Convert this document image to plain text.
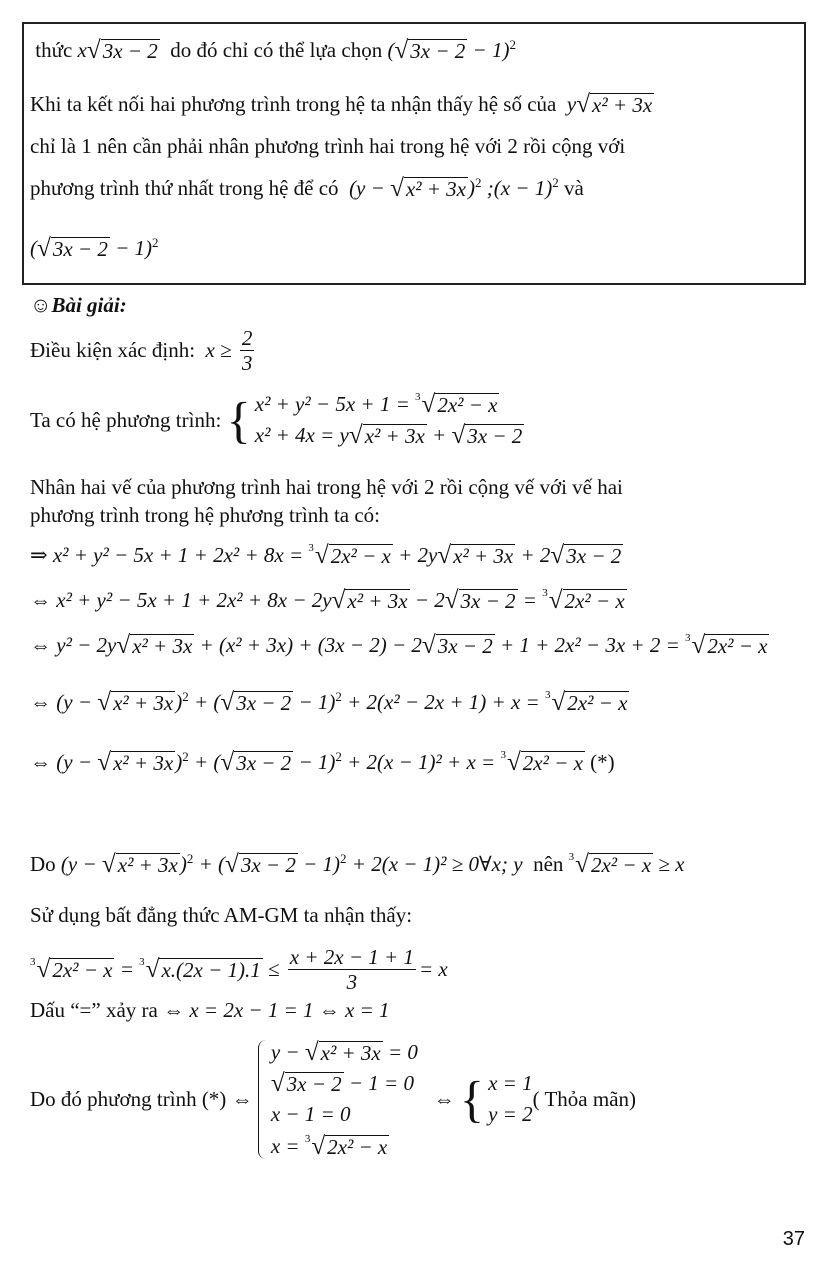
☺Bài giải:
37
thức x √ 3x − 2 do đó chỉ có thể lựa chọn ( √ 3x − 2 − 1) 2
Khi ta kết nối hai phương trình trong hệ ta nhận thấy hệ số của y √ x² + 3x
chỉ là 1 nên cần phải nhân phương trình hai trong hệ với 2 rồi cộng với
phương trình thứ nhất trong hệ để có (y − √ x² + 3x ) 2 ;(x − 1) 2 và
( √ 3x − 2 − 1) 2
Điều kiện xác định: $x \ge \frac{2}{3}$
Ta có hệ phương trình: { x² + y² − 5x + 1 = 3 √ 2x² − x
x² + 4x = y √ x² + 3x + √ 3x − 2
Nhân hai vế của phương trình hai trong hệ với 2 rồi cộng vế với vế hai
phương trình trong hệ phương trình ta có:
⇒ x² + y² − 5x + 1 + 2x² + 8x = 3 √ 2x² − x + 2y √ x² + 3x + 2 √ 3x − 2
⇔ x² + y² − 5x + 1 + 2x² + 8x − 2y √ x² + 3x − 2 √ 3x − 2 = 3 √ 2x² − x
⇔ y² − 2y √ x² + 3x + (x² + 3x) + (3x − 2) − 2 √ 3x − 2 + 1 + 2x² − 3x + 2 = 3 √ 2x² − x
⇔ (y − √ x² + 3x ) 2 + ( √ 3x − 2 − 1) 2 + 2(x² − 2x + 1) + x = 3 √ 2x² − x
⇔ (y − √ x² + 3x ) 2 + ( √ 3x − 2 − 1) 2 + 2(x − 1)² + x = 3 √ 2x² − x (*)
Do (y − √ x² + 3x ) 2 + ( √ 3x − 2 − 1) 2 + 2(x − 1)² ≥ 0∀x; y nên 3 √ 2x² − x ≥ x
Sử dụng bất đẳng thức AM-GM ta nhận thấy:
3 √ 2x² − x = 3 √ $x.(2x - 1).1 \le \frac{x + 2x - 1 + 1}{3} = x$
Dấu “=” xảy ra ⇔ x = 2x − 1 = 1 ⇔ x = 1
Do đó phương trình (*) ⇔
y − √ x² + 3x = 0
√ 3x − 2 − 1 = 0
x − 1 = 0
x = 3 √ 2x² − x
⇔ { x = 1
y = 2
( Thỏa mãn)
